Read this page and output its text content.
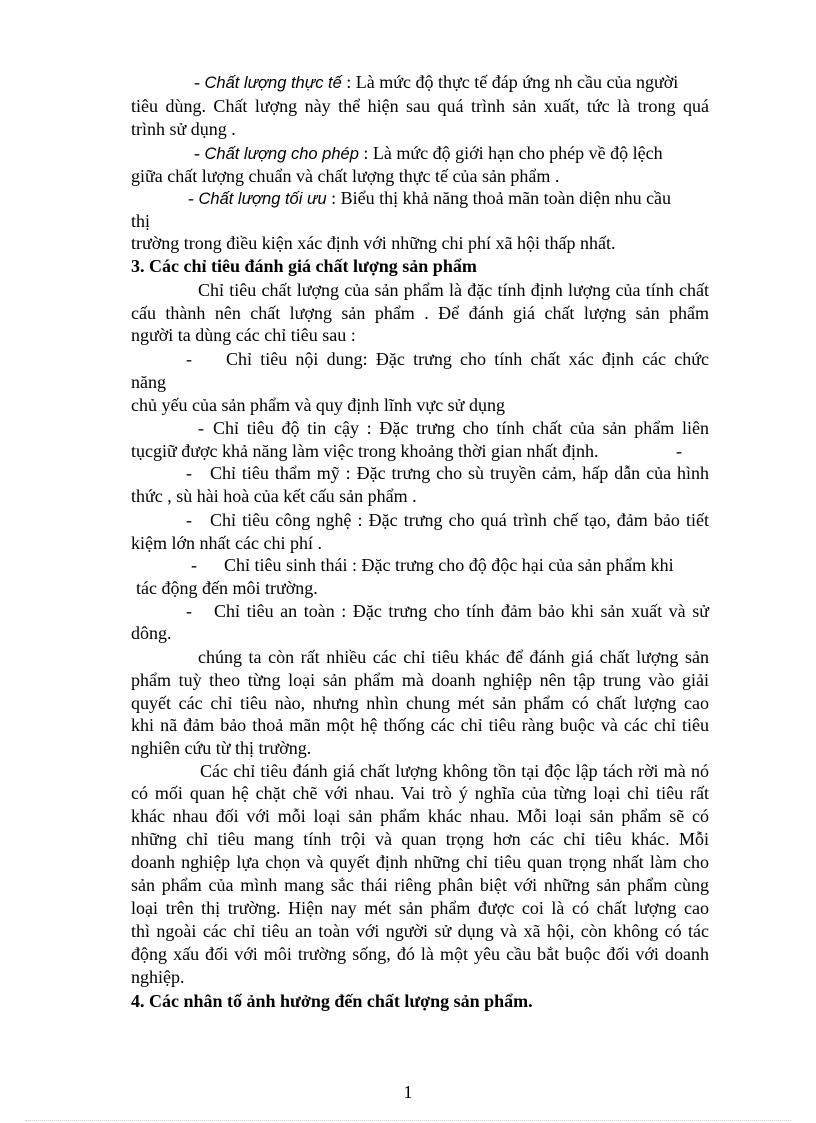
- Chất lượng thực tế : Là mức độ thực tế đáp ứng nh cầu của người
tiêu dùng. Chất lượng này thể hiện sau quá trình sản xuất, tức là trong quá
trình sử dụng .
- Chất lượng cho phép : Là mức độ giới hạn cho phép về độ lệch
giữa chất lượng chuẩn và chất lượng thực tế của sản phẩm .
- Chất lượng tối ưu : Biểu thị khả năng thoả mãn toàn diện nhu cầu
thị
trường trong điều kiện xác định với những chi phí xã hội thấp nhất.
3. Các chỉ tiêu đánh giá chất lượng sản phẩm
Chỉ tiêu chất lượng của sản phẩm là đặc tính định lượng của tính chất
cấu thành nên chất lượng sản phẩm . Để đánh giá chất lượng sản phẩm
người ta dùng các chỉ tiêu sau :
-	Chỉ tiêu nội dung: Đặc trưng cho tính chất xác định các chức
năng
chủ yếu của sản phẩm và quy định lĩnh vực sử dụng
- Chỉ tiêu độ tin cậy : Đặc trưng cho tính chất của sản phẩm liên
tụcgiữ được khả năng làm việc trong khoảng thời gian nhất định.	-
-	Chỉ tiêu thẩm mỹ : Đặc trưng cho sù truyền cảm, hấp dẫn của hình
thức , sù hài hoà của kết cấu sản phẩm .
-	Chỉ tiêu công nghệ : Đặc trưng cho quá trình chế tạo, đảm bảo tiết
kiệm lớn nhất các chi phí .
-	Chỉ tiêu sinh thái : Đặc trưng cho độ độc hại của sản phẩm khi
tác động đến môi trường.
-	Chỉ tiêu an toàn : Đặc trưng cho tính đảm bảo khi sản xuất và sử
dông.
chúng ta còn rất nhiều các chỉ tiêu khác để đánh giá chất lượng sản
phẩm tuỳ theo từng loại sản phẩm mà doanh nghiệp nên tập trung vào giải
quyết các chỉ tiêu nào, nhưng nhìn chung mét sản phẩm có chất lượng cao
khi nã đảm bảo thoả mãn một hệ thống các chỉ tiêu ràng buộc và các chỉ tiêu
nghiên cứu từ thị trường.
Các chỉ tiêu đánh giá chất lượng không tồn tại độc lập tách rời mà nó
có mối quan hệ chặt chẽ với nhau. Vai trò ý nghĩa của từng loại chỉ tiêu rất
khác nhau đối với mỗi loại sản phẩm khác nhau. Mỗi loại sản phẩm sẽ có
những chỉ tiêu mang tính trội và quan trọng hơn các chỉ tiêu khác. Mỗi
doanh nghiệp lựa chọn và quyết định những chỉ tiêu quan trọng nhất làm cho
sản phẩm của mình mang sắc thái riêng phân biệt với những sản phẩm cùng
loại trên thị trường. Hiện nay mét sản phẩm được coi là có chất lượng cao
thì ngoài các chỉ tiêu an toàn với người sử dụng và xã hội, còn không có tác
động xấu đối với môi trường sống, đó là một yêu cầu bắt buộc đối với doanh
nghiệp.
4. Các nhân tố ảnh hưởng đến chất lượng sản phẩm.
1
